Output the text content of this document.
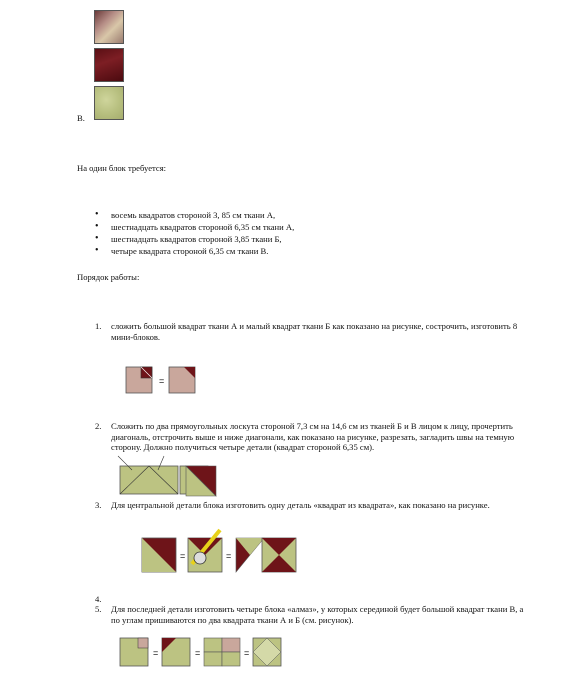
В.
На один блок требуется:
• восемь квадратов стороной 3, 85 см ткани А,
• шестнадцать квадратов стороной 6,35 см ткани А,
• шестнадцать квадратов стороной 3,85 ткани Б,
• четыре квадрата стороной 6,35 см ткани В.
Порядок работы:
1. сложить большой квадрат ткани А и малый квадрат ткани Б как показано на рисунке, сострочить, изготовить 8 мини-блоков.
=
2. Сложить по два прямоугольных лоскута стороной 7,3 см на 14,6 см из тканей Б и В лицом к лицу, прочертить диагональ, отстрочить выше и ниже диагонали, как показано на рисунке, разрезать, загладить швы на темную сторону. Должно получиться четыре детали (квадрат стороной 6,35 см).
3. Для центральной детали блока изготовить одну деталь «квадрат из квадрата», как показано на рисунке.
=	=
4.
5. Для последней детали изготовить четыре блока «алмаз», у которых серединой будет большой квадрат ткани В, а по углам пришиваются по два квадрата ткани А и Б (см. рисунок).
=	=	=
